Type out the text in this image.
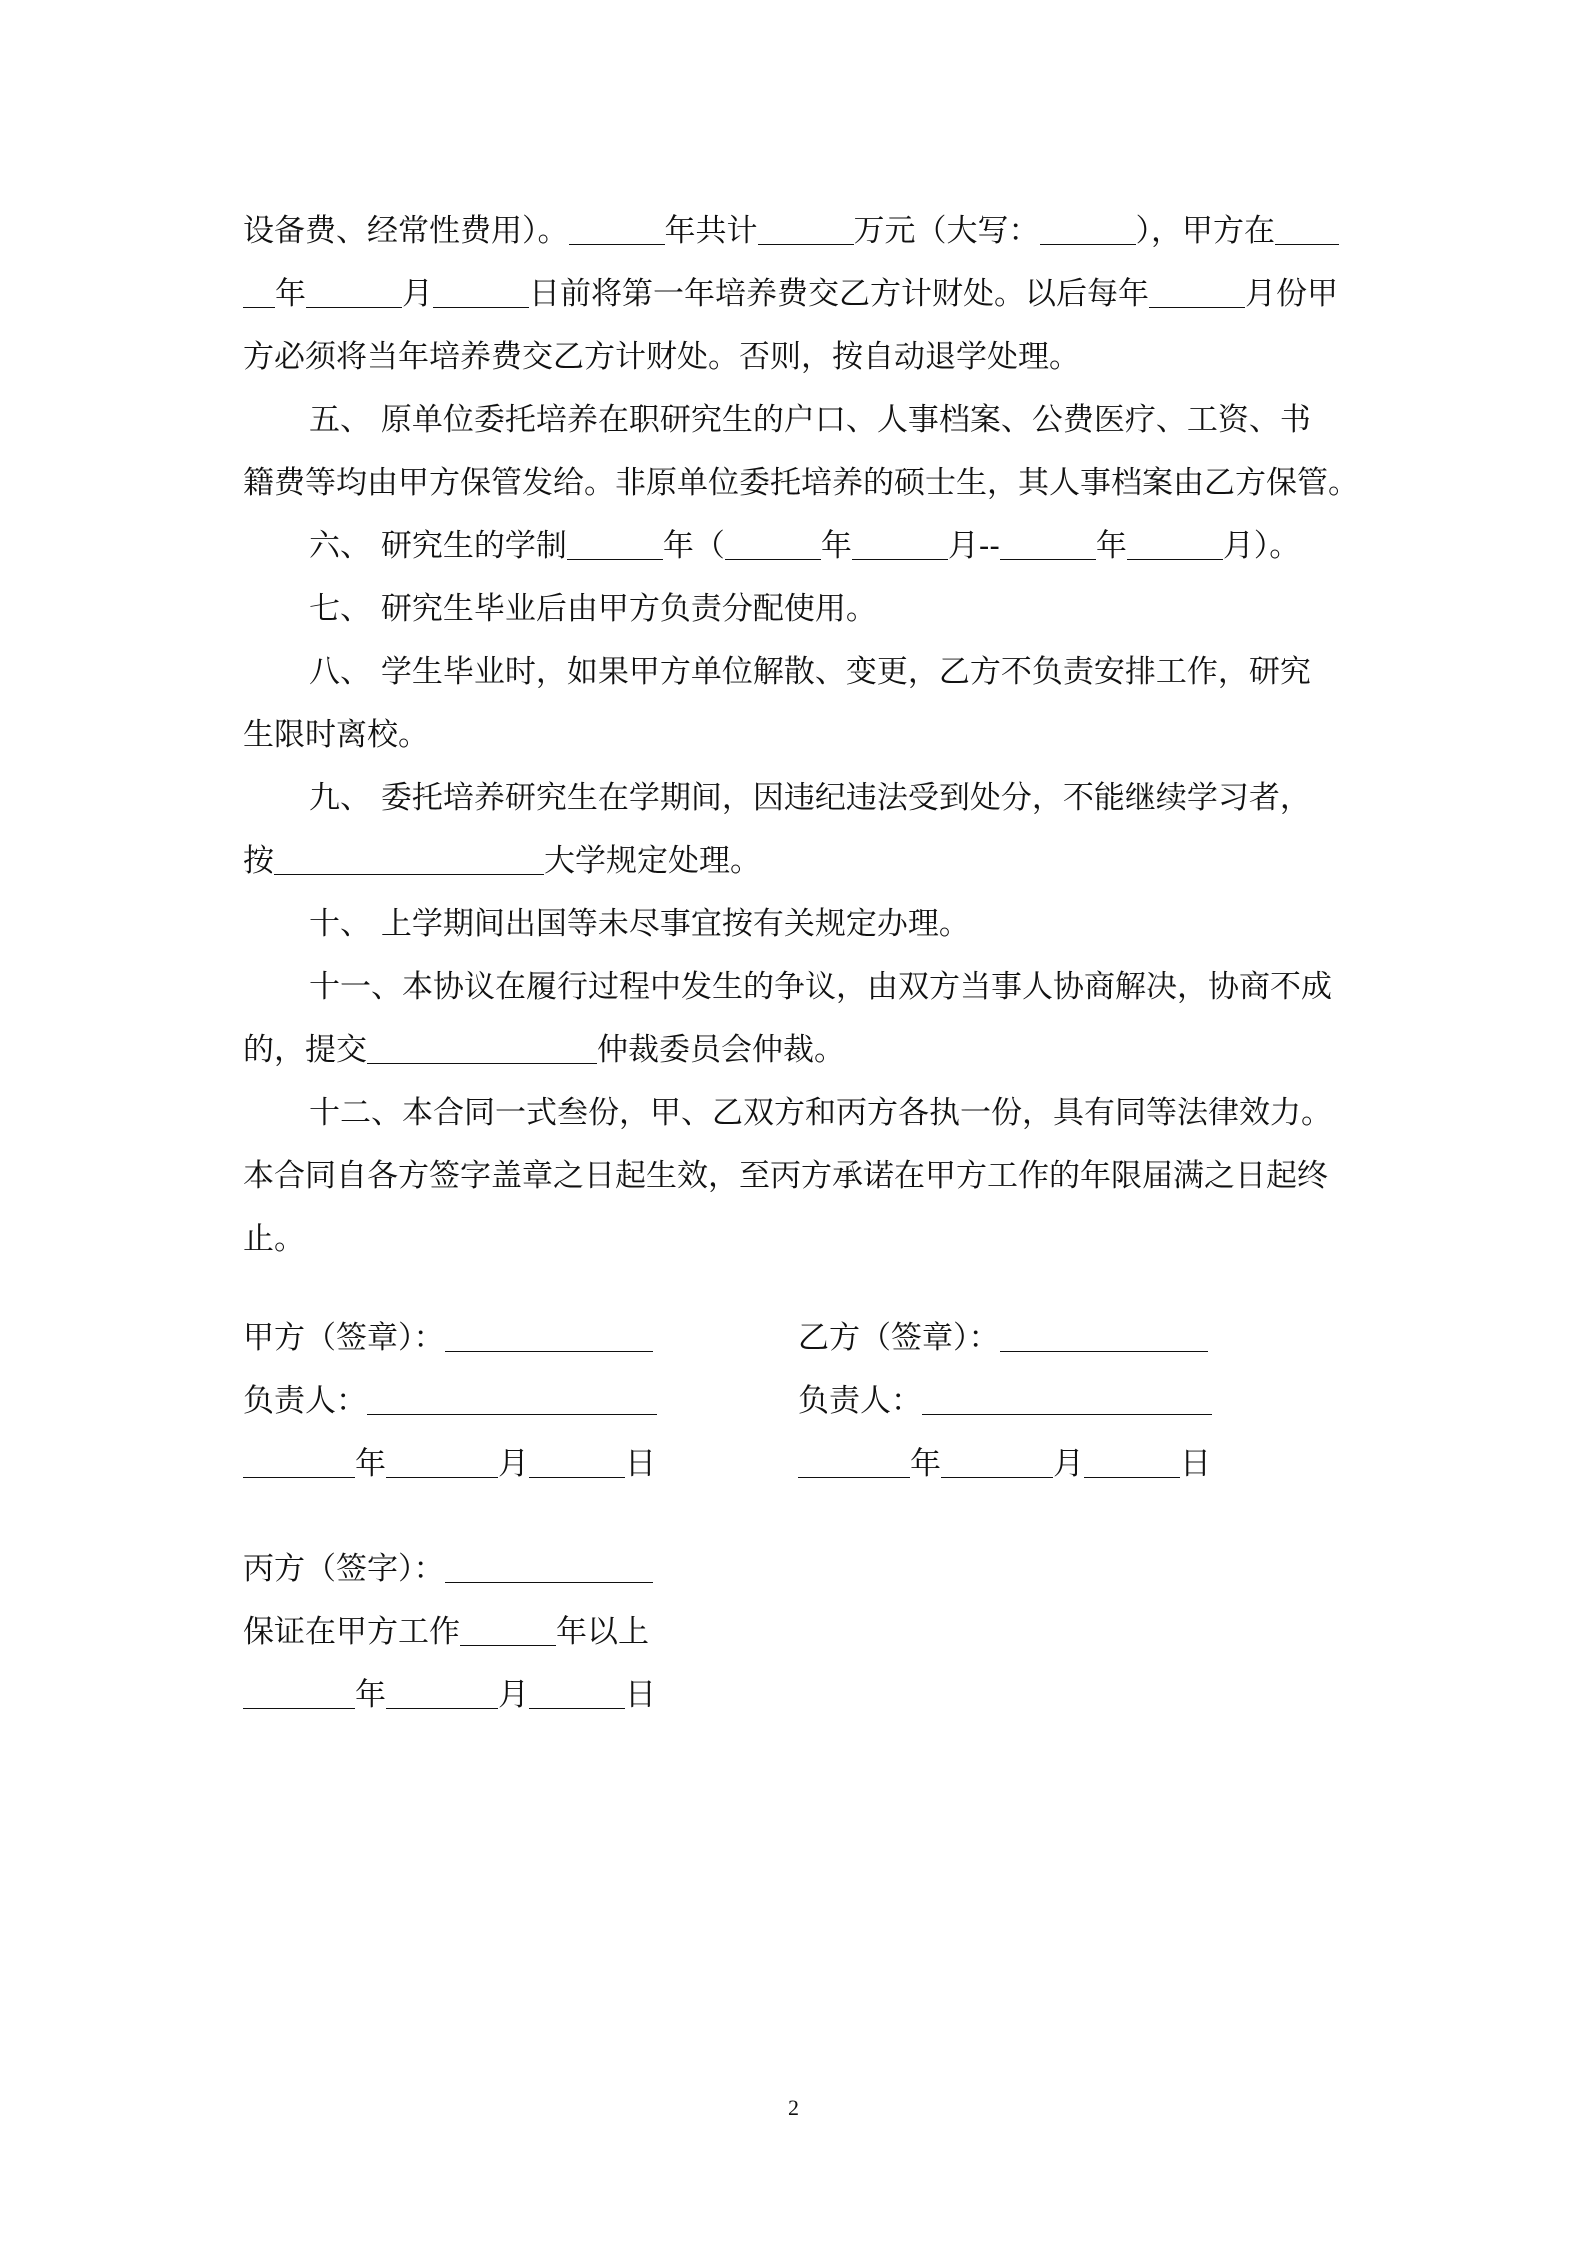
设备费、经常性费用）。	年共计	万元（大写：	），甲方在
年	月	日前将第一年培养费交乙方计财处。以后每年	月份甲
方必须将当年培养费交乙方计财处。否则，按自动退学处理。
五、 原单位委托培养在职研究生的户口、人事档案、公费医疗、工资、书
籍费等均由甲方保管发给。非原单位委托培养的硕士生，其人事档案由乙方保管。
六、 研究生的学制	年（	年	月--	年	月）。
七、 研究生毕业后由甲方负责分配使用。
八、 学生毕业时，如果甲方单位解散、变更，乙方不负责安排工作，研究
生限时离校。
九、 委托培养研究生在学期间，因违纪违法受到处分，不能继续学习者，
按	大学规定处理。
十、 上学期间出国等未尽事宜按有关规定办理。
十一、本协议在履行过程中发生的争议，由双方当事人协商解决，协商不成
的，提交	仲裁委员会仲裁。
十二、本合同一式叁份，甲、乙双方和丙方各执一份，具有同等法律效力。
本合同自各方签字盖章之日起生效，至丙方承诺在甲方工作的年限届满之日起终
止。
甲方（签章）：	乙方（签章）：
负责人：	负责人：
年	月	日	年	月	日
丙方（签字）：
保证在甲方工作	年以上
年	月	日
2
